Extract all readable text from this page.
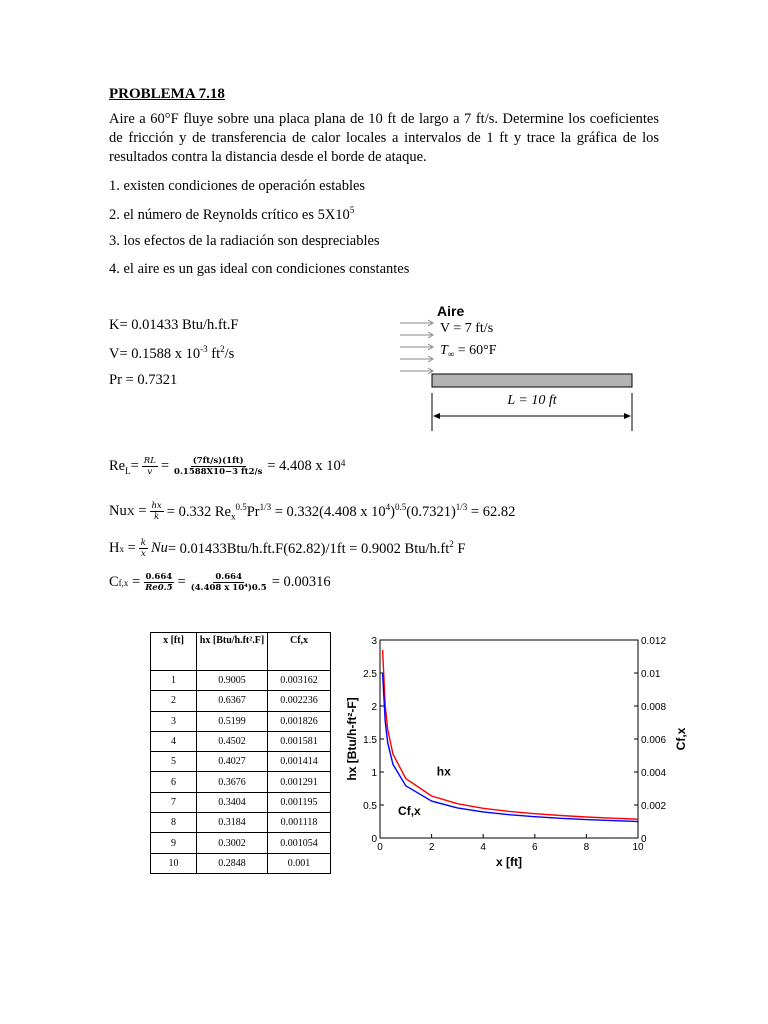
PROBLEMA 7.18
Aire a 60°F fluye sobre una placa plana de 10 ft de largo a 7 ft/s. Determine los coeficientes de fricción y de transferencia de calor locales a intervalos de 1 ft y trace la gráfica de los resultados contra la distancia desde el borde de ataque.
1. existen condiciones de operación estables
2. el número de Reynolds crítico es $5X10^5$
3. los efectos de la radiación son despreciables
4. el aire es un gas ideal con condiciones constantes
K= 0.01433 Btu/h.ft.F
V= 0.1588 x $10^{-3}$ $ft^2/s$
Pr = 0.7321
Aire
V = 7 ft/s
$T_\infty = 60^\circ F$
L = 10 ft
$Re_L= \frac{RL}{v} = \frac{(7ft/s)(1ft)}{0.1588X10-3 ft2/s} = 4.408$ x $10^4$
Nu $X = \frac{hx}{k} = 0.332$ $Re_x^{0.5}Pr^{1/3} = 0.332(4.408$ x $10^4)^{0.5}(0.7321)^{1/3} = 62.82$
H $x = \frac{k}{x}$ Nu = 0.01433Btu/h.ft.F(62.82)/1ft = 0.9002 Btu/$h.ft^2$ F
C $f,x = \frac{0.664}{Re0.5} = \frac{0.664}{\text{(4.408 x 10⁴)0.5}} = 0.00316$
x [ft]	hx [Btu/h.ft².F]	Cf,x
1	0.9005	0.003162
2	0.6367	0.002236
3	0.5199	0.001826
4	0.4502	0.001581
5	0.4027	0.001414
6	0.3676	0.001291
7	0.3404	0.001195
8	0.3184	0.001118
9	0.3002	0.001054
10	0.2848	0.001
0	2	4	6	8	10
0
0.5
1
1.5
2
2.5
3
0
0.002
0.004
0.006
0.008
0.01
0.012
x [ft]
hx [Btu/h-ft²-F]	Cf,x
hx
Cf,x
